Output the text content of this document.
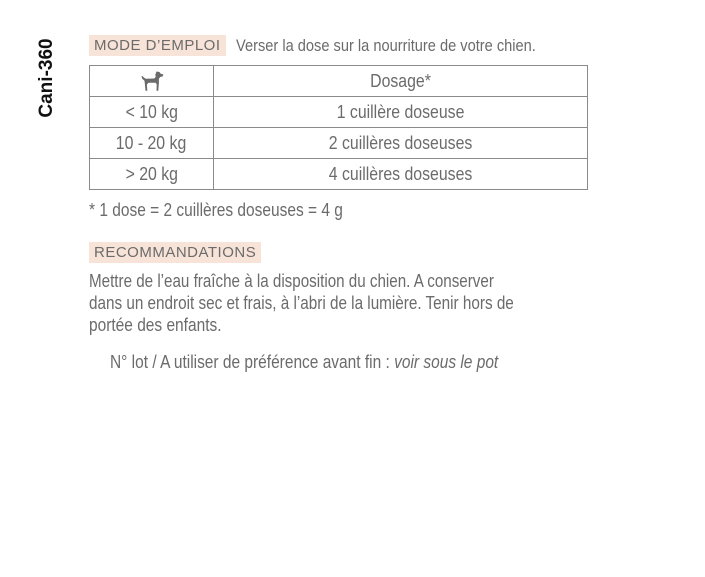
Cani-360	MODE D’EMPLOI Verser la dose sur la nourriture de votre chien.
	Dosage*
< 10 kg	1 cuillère doseuse
10 - 20 kg	2 cuillères doseuses
> 20 kg	4 cuillères doseuses
* 1 dose = 2 cuillères doseuses = 4 g
RECOMMANDATIONS
Mettre de l’eau fraîche à la disposition du chien. A conserver
dans un endroit sec et frais, à l’abri de la lumière. Tenir hors de
portée des enfants.
N° lot / A utiliser de préférence avant fin : voir sous le pot
